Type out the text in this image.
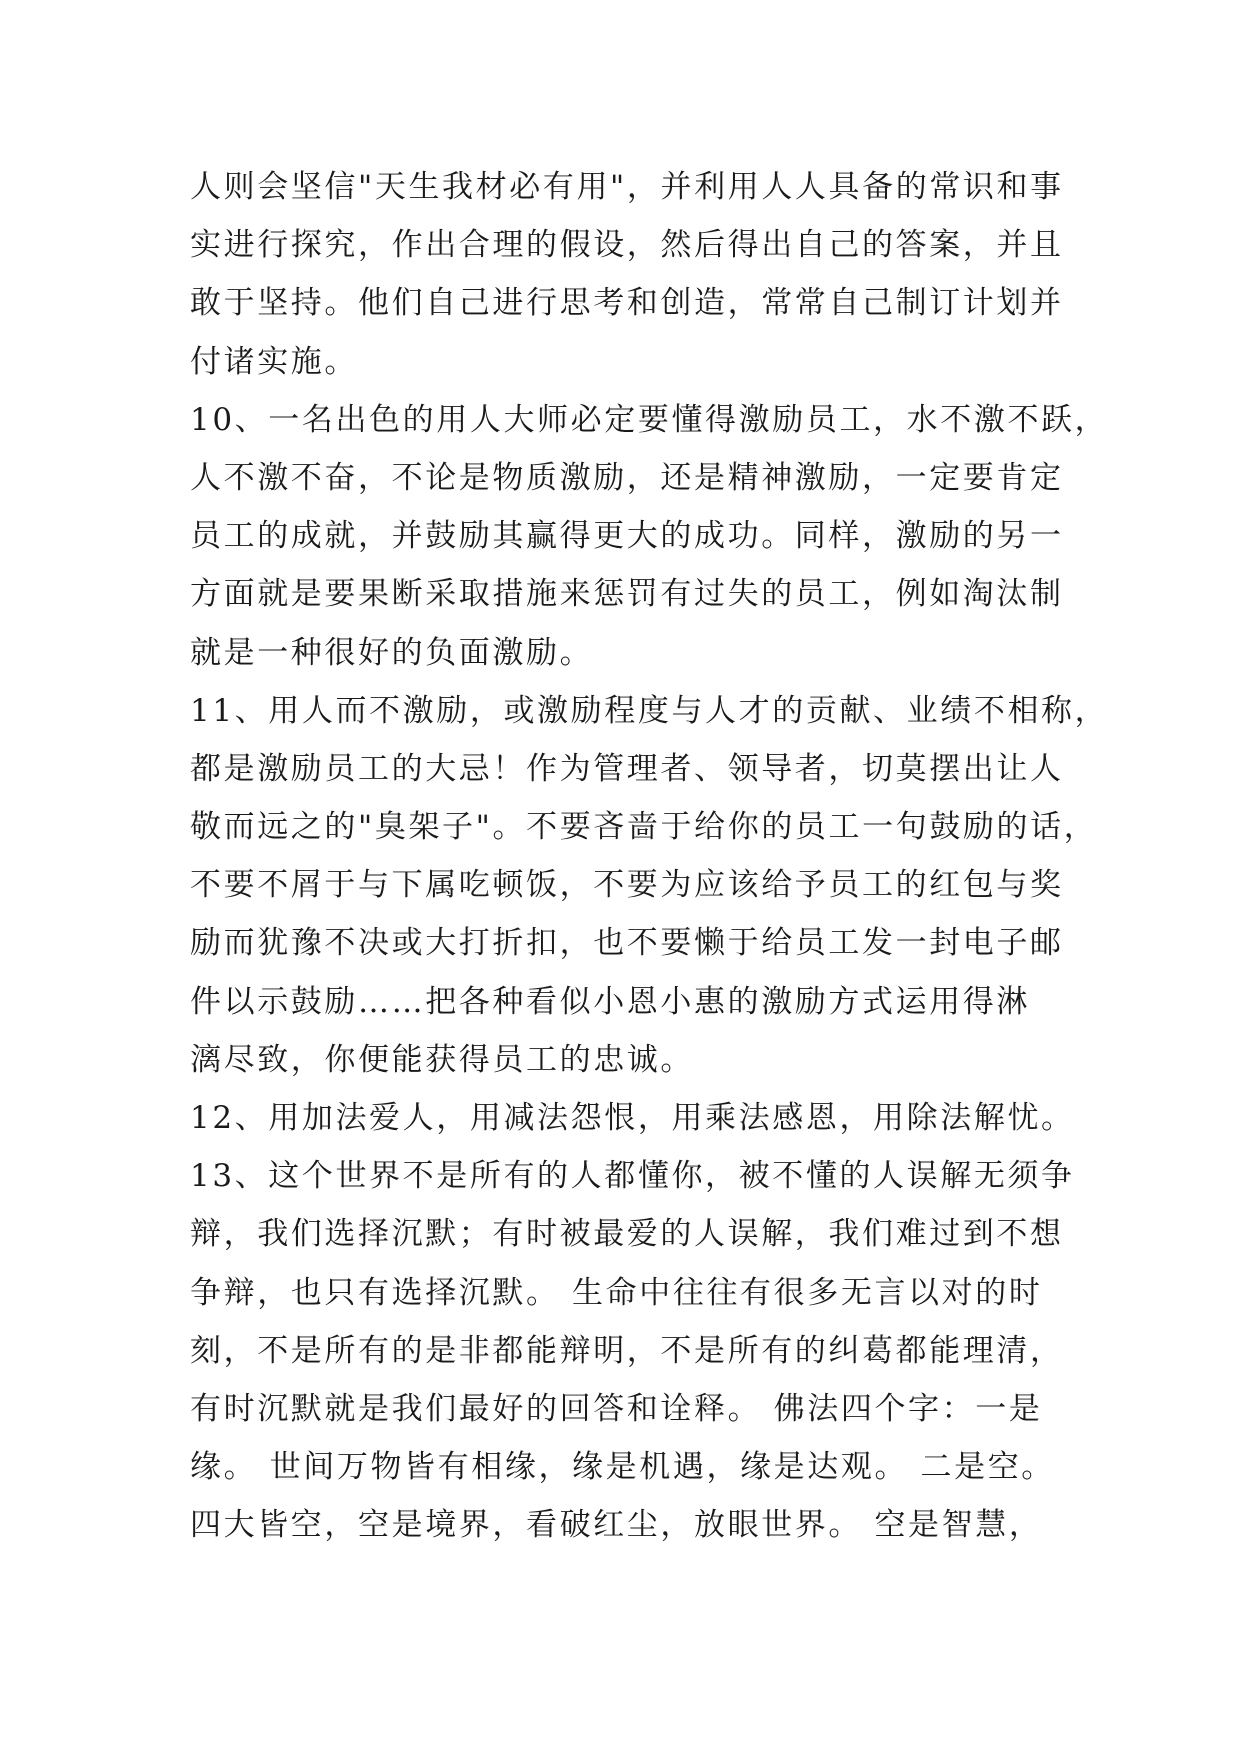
人则会坚信"天生我材必有用"，并利用人人具备的常识和事
实进行探究，作出合理的假设，然后得出自己的答案，并且
敢于坚持。他们自己进行思考和创造，常常自己制订计划并
付诸实施。
10、一名出色的用人大师必定要懂得激励员工，水不激不跃，
人不激不奋，不论是物质激励，还是精神激励，一定要肯定
员工的成就，并鼓励其赢得更大的成功。同样，激励的另一
方面就是要果断采取措施来惩罚有过失的员工，例如淘汰制
就是一种很好的负面激励。
11、用人而不激励，或激励程度与人才的贡献、业绩不相称，
都是激励员工的大忌！作为管理者、领导者，切莫摆出让人
敬而远之的"臭架子"。不要吝啬于给你的员工一句鼓励的话，
不要不屑于与下属吃顿饭，不要为应该给予员工的红包与奖
励而犹豫不决或大打折扣，也不要懒于给员工发一封电子邮
件以示鼓励……把各种看似小恩小惠的激励方式运用得淋
漓尽致，你便能获得员工的忠诚。
12、用加法爱人，用减法怨恨，用乘法感恩，用除法解忧。
13、这个世界不是所有的人都懂你，被不懂的人误解无须争
辩，我们选择沉默；有时被最爱的人误解，我们难过到不想
争辩，也只有选择沉默。 生命中往往有很多无言以对的时
刻，不是所有的是非都能辩明，不是所有的纠葛都能理清，
有时沉默就是我们最好的回答和诠释。 佛法四个字：一是
缘。 世间万物皆有相缘，缘是机遇，缘是达观。 二是空。
四大皆空，空是境界，看破红尘，放眼世界。 空是智慧，
